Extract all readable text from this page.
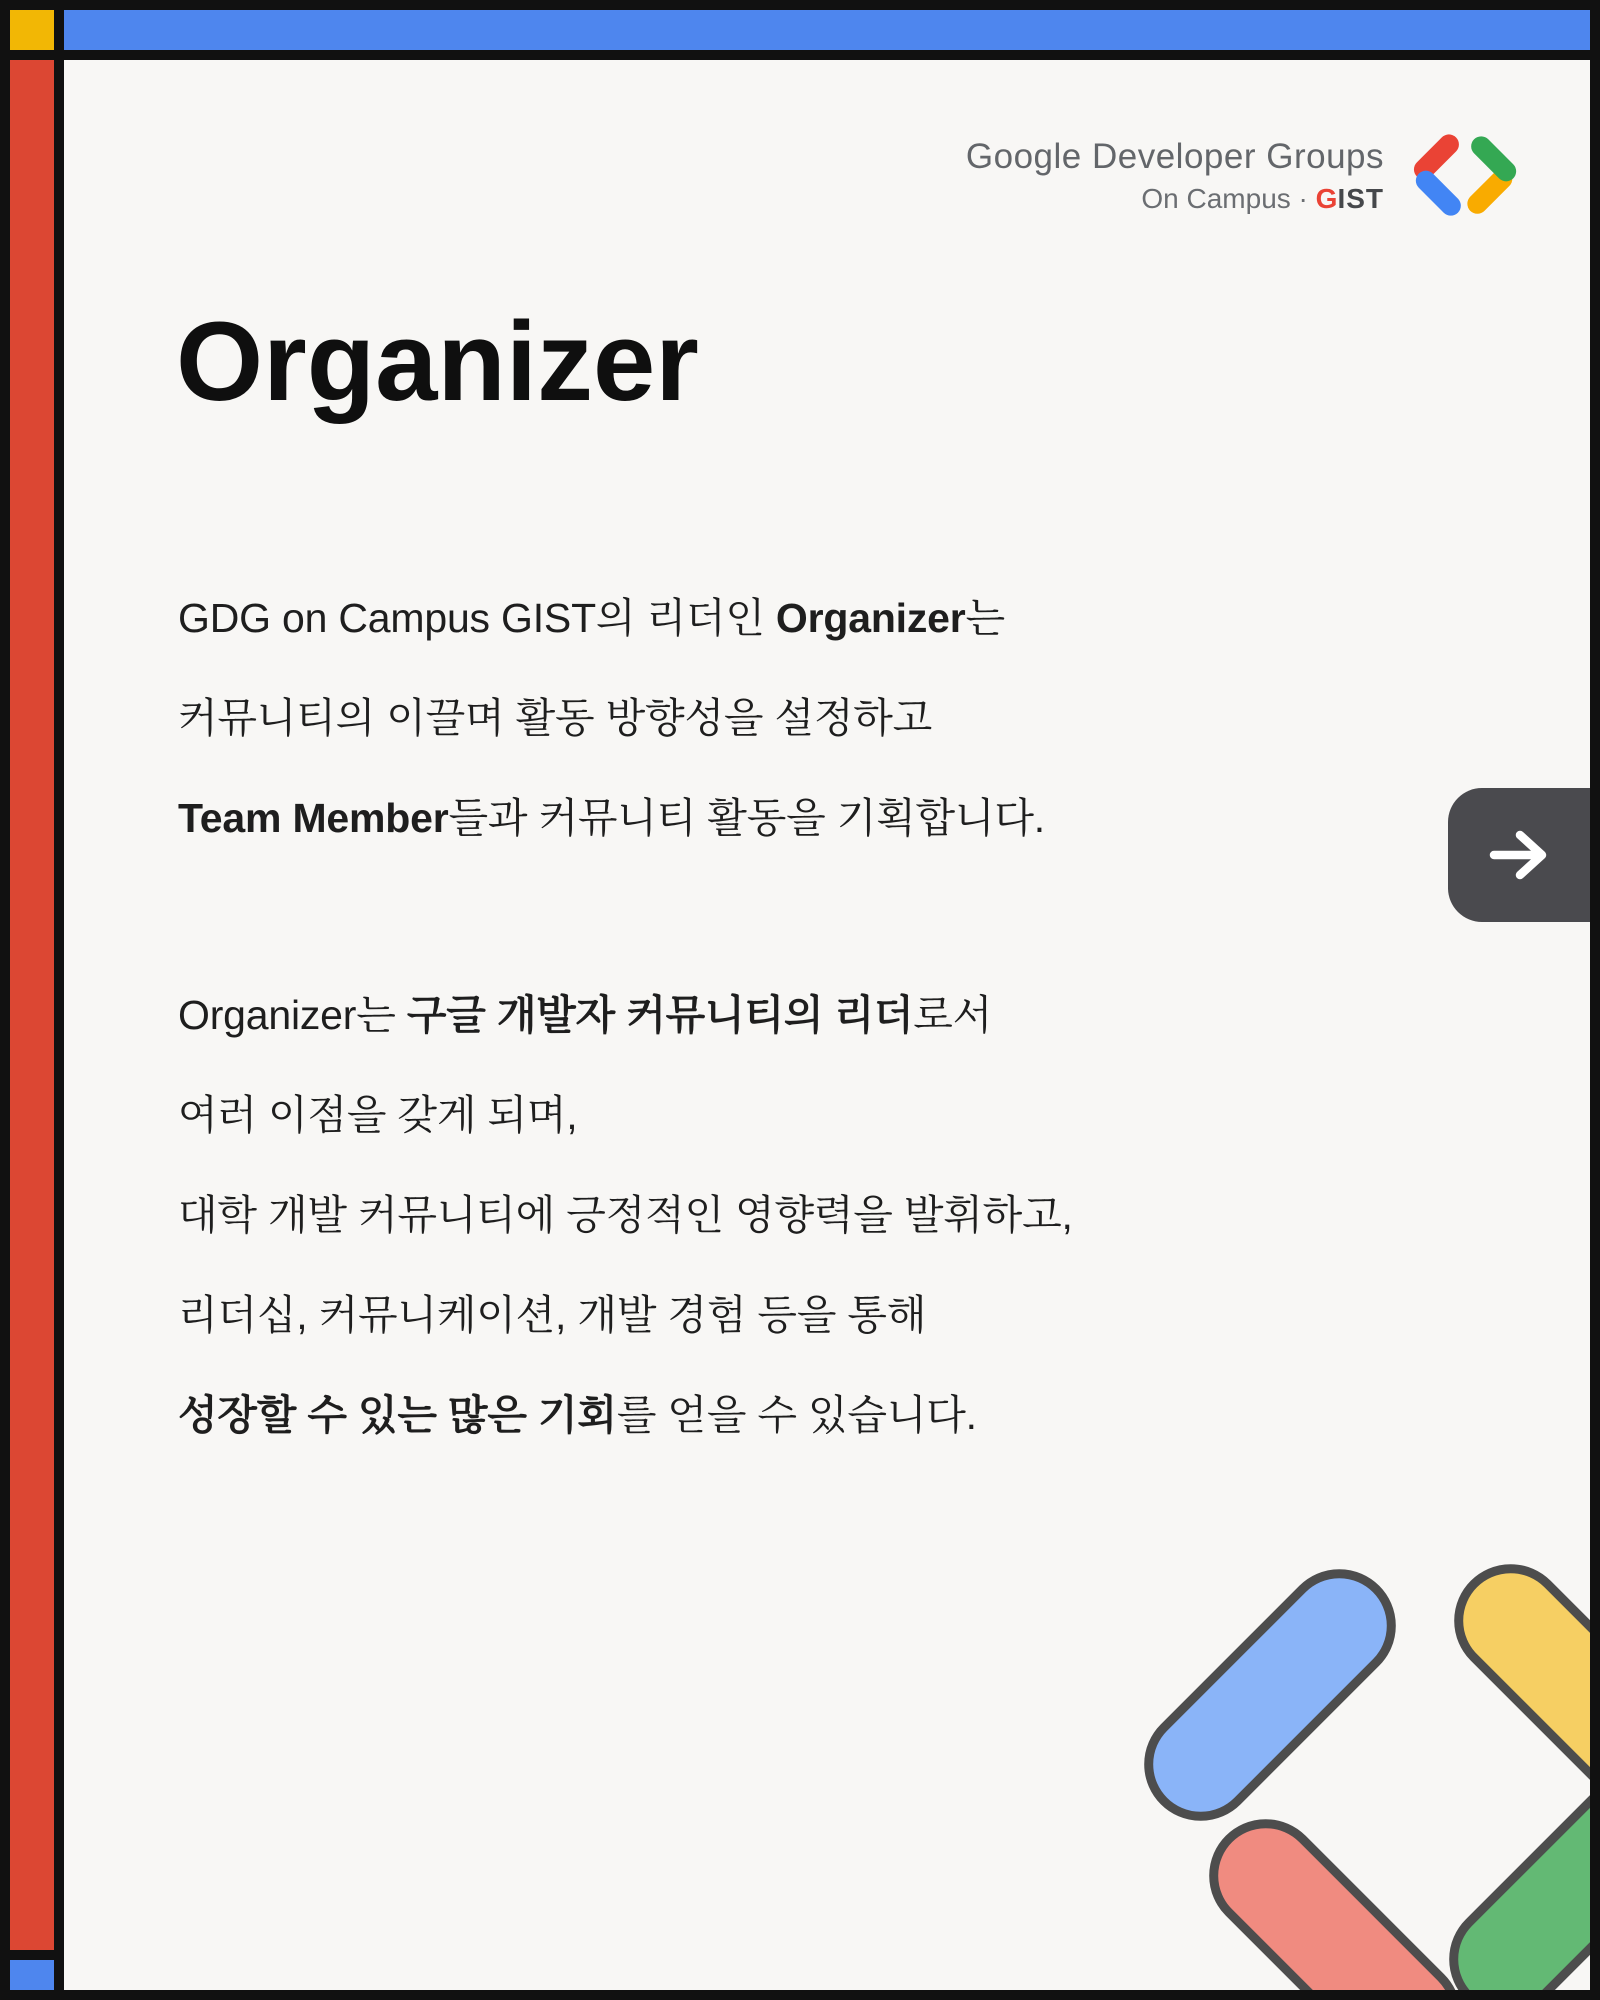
Google Developer Groups
On Campus · GIST
Organizer
GDG on Campus GIST의 리더인 Organizer는
커뮤니티의 이끌며 활동 방향성을 설정하고
Team Member들과 커뮤니티 활동을 기획합니다.
Organizer는 구글 개발자 커뮤니티의 리더로서
여러 이점을 갖게 되며,
대학 개발 커뮤니티에 긍정적인 영향력을 발휘하고,
리더십, 커뮤니케이션, 개발 경험 등을 통해
성장할 수 있는 많은 기회를 얻을 수 있습니다.
